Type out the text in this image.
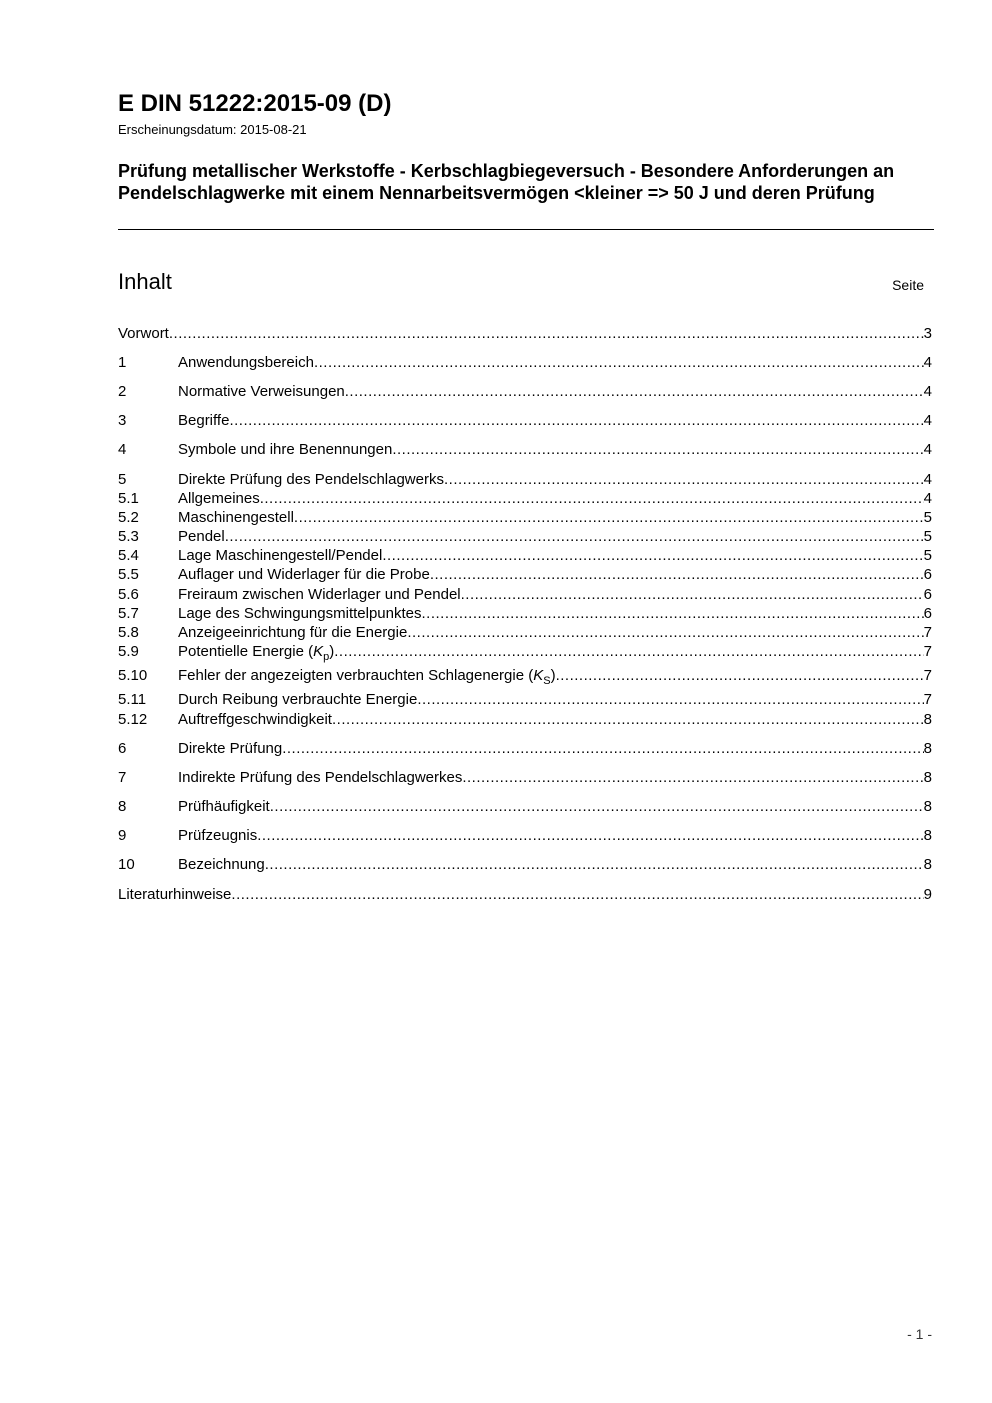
E DIN 51222:2015-09 (D)
Erscheinungsdatum: 2015-08-21
Prüfung metallischer Werkstoffe - Kerbschlagbiegeversuch - Besondere Anforderungen an Pendelschlagwerke mit einem Nennarbeitsvermögen <kleiner => 50 J und deren Prüfung
Inhalt	Seite
Vorwort .....	3
1	Anwendungsbereich .....	4
2	Normative Verweisungen .....	4
3	Begriffe .....	4
4	Symbole und ihre Benennungen .....	4
5	Direkte Prüfung des Pendelschlagwerks .....	4
5.1	Allgemeines .....	4
5.2	Maschinengestell .....	5
5.3	Pendel .....	5
5.4	Lage Maschinengestell/Pendel .....	5
5.5	Auflager und Widerlager für die Probe .....	6
5.6	Freiraum zwischen Widerlager und Pendel .....	6
5.7	Lage des Schwingungsmittelpunktes .....	6
5.8	Anzeigeeinrichtung für die Energie .....	7
5.9	Potentielle Energie $(K_p)$ .....	7
5.10	Fehler der angezeigten verbrauchten Schlagenergie $(K_S)$ .....	7
5.11	Durch Reibung verbrauchte Energie .....	7
5.12	Auftreffgeschwindigkeit .....	8
6	Direkte Prüfung .....	8
7	Indirekte Prüfung des Pendelschlagwerkes .....	8
8	Prüfhäufigkeit .....	8
9	Prüfzeugnis .....	8
10	Bezeichnung .....	8
Literaturhinweise .....	9
- 1 -
